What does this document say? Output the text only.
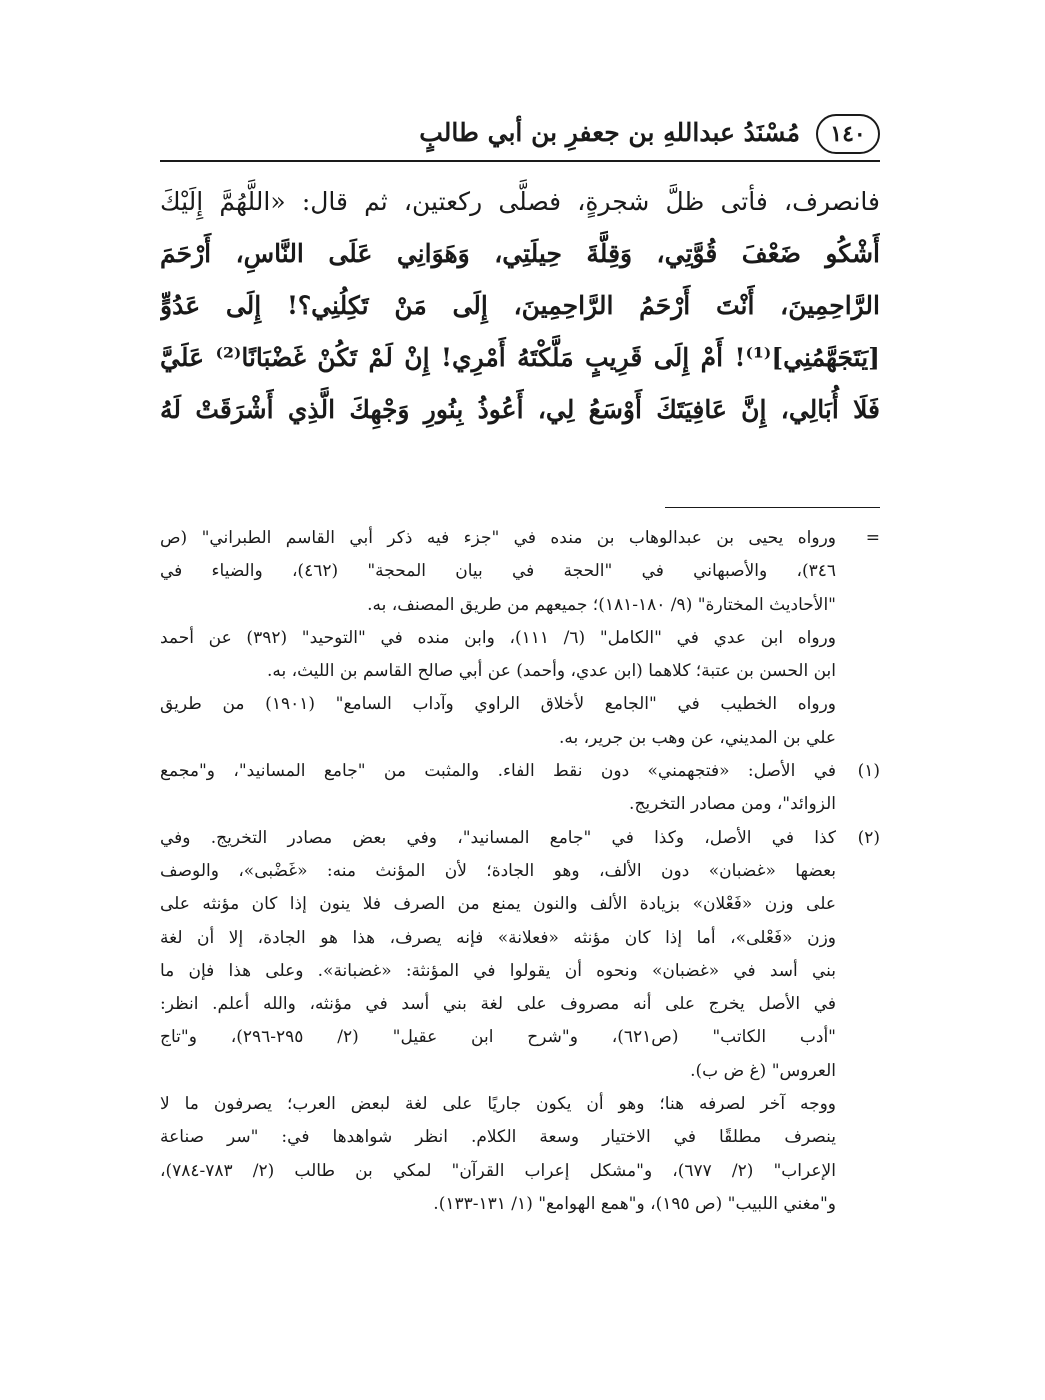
١٤٠
مُسْنَدُ عبداللهِ بن جعفرِ بن أبي طالبٍ
فانصرف، فأتى ظلَّ شجرةٍ، فصلَّى ركعتين، ثم قال: «اللَّهُمَّ إِلَيْكَ
أَشْكُو ضَعْفَ قُوَّتِي، وَقِلَّةَ حِيلَتِي، وَهَوَانِي عَلَى النَّاسِ، أَرْحَمَ
الرَّاحِمِينَ، أَنْتَ أَرْحَمُ الرَّاحِمِينَ، إِلَى مَنْ تَكِلُنِي؟! إِلَى عَدُوٍّ
[يَتَجَهَّمُنِي]⁽¹⁾! أَمْ إِلَى قَرِيبٍ مَلَّكْتَهُ أَمْرِي! إِنْ لَمْ تَكُنْ غَضْبَانًا⁽²⁾ عَلَيَّ
فَلَا أُبَالِي، إِنَّ عَافِيَتَكَ أَوْسَعُ لِي، أَعُوذُ بِنُورِ وَجْهِكَ الَّذِي أَشْرَقَتْ لَهُ
=
ورواه يحيى بن عبدالوهاب بن منده في "جزء فيه ذكر أبي القاسم الطبراني" (ص
٣٤٦)، والأصبهاني في "الحجة في بيان المحجة" (٤٦٢)، والضياء في
"الأحاديث المختارة" (٩/ ١٨٠-١٨١)؛ جميعهم من طريق المصنف، به.
ورواه ابن عدي في "الكامل" (٦/ ١١١)، وابن منده في "التوحيد" (٣٩٢) عن أحمد
ابن الحسن بن عتبة؛ كلاهما (ابن عدي، وأحمد) عن أبي صالح القاسم بن الليث، به.
ورواه الخطيب في "الجامع لأخلاق الراوي وآداب السامع" (١٩٠١) من طريق
علي بن المديني، عن وهب بن جرير، به.
(١)
في الأصل: «فتجهمني» دون نقط الفاء. والمثبت من "جامع المسانيد"، و"مجمع
الزوائد"، ومن مصادر التخريج.
(٢)
كذا في الأصل، وكذا في "جامع المسانيد"، وفي بعض مصادر التخريج. وفي
بعضها «غضبان» دون الألف، وهو الجادة؛ لأن المؤنث منه: «غَضْبى»، والوصف
على وزن «فَعْلان» بزيادة الألف والنون يمنع من الصرف فلا ينون إذا كان مؤنثه على
وزن «فَعْلى»، أما إذا كان مؤنثه «فعلانة» فإنه يصرف، هذا هو الجادة، إلا أن لغة
بني أسد في «غضبان» ونحوه أن يقولوا في المؤنثة: «غضبانة». وعلى هذا فإن ما
في الأصل يخرج على أنه مصروف على لغة بني أسد في مؤنثه، والله أعلم. انظر:
"أدب الكاتب" (ص٦٢١)، و"شرح ابن عقيل" (٢/ ٢٩٥-٢٩٦)، و"تاج
العروس" (غ ض ب).
ووجه آخر لصرفه هنا؛ وهو أن يكون جاريًا على لغة لبعض العرب؛ يصرفون ما لا
ينصرف مطلقًا في الاختيار وسعة الكلام. انظر شواهدها في: "سر صناعة
الإعراب" (٢/ ٦٧٧)، و"مشكل إعراب القرآن" لمكي بن طالب (٢/ ٧٨٣-٧٨٤)،
و"مغني اللبيب" (ص ١٩٥)، و"همع الهوامع" (١/ ١٣١-١٣٣).
